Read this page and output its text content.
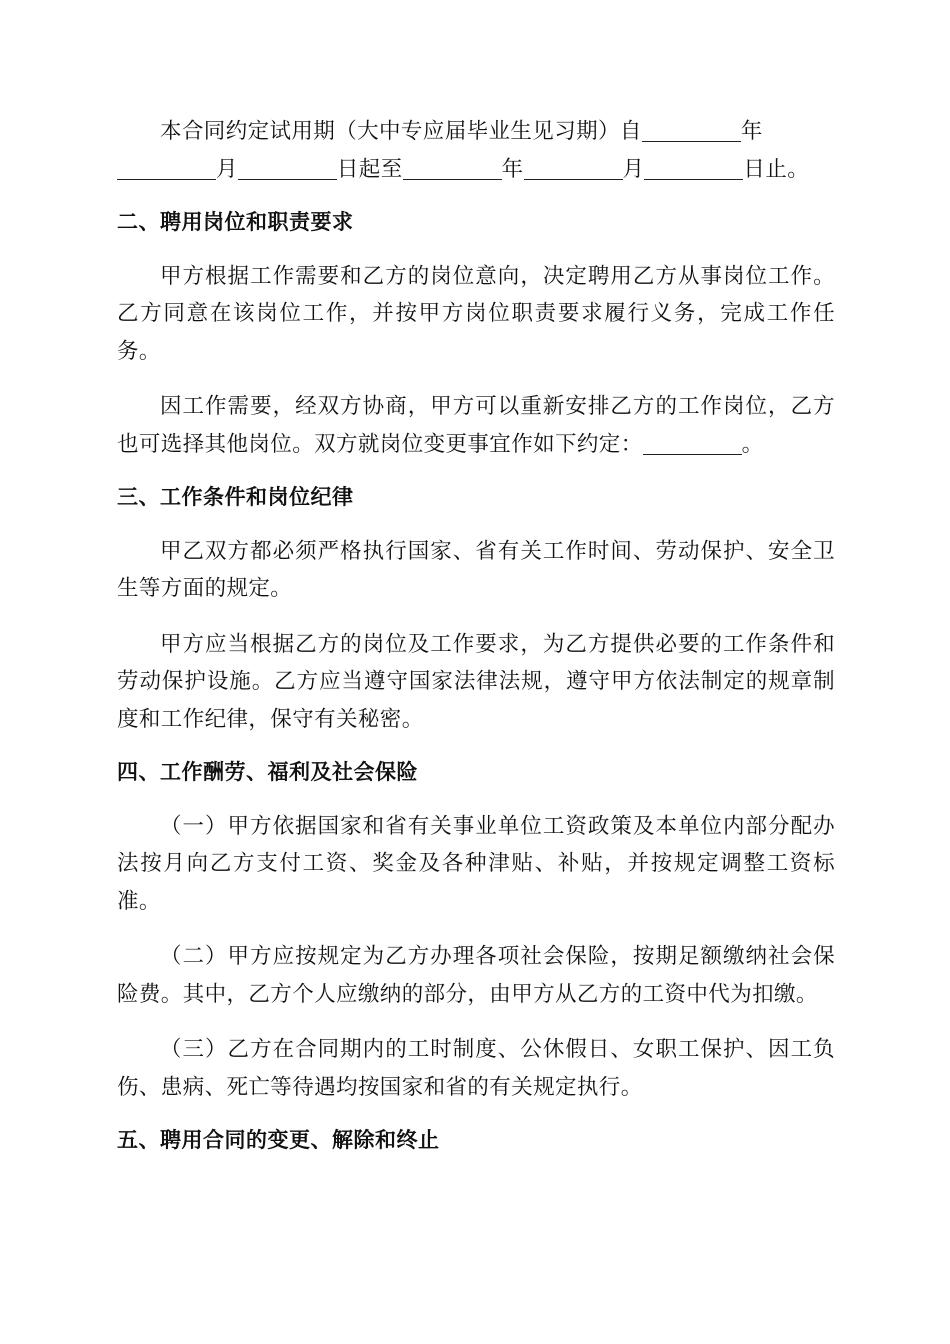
本合同约定试用期（大中专应届毕业生见习期）自	年
月	日起至	年	月	日止。

二、聘用岗位和职责要求

甲方根据工作需要和乙方的岗位意向，决定聘用乙方从事岗位工作。乙方同意在该岗位工作，并按甲方岗位职责要求履行义务，完成工作任务。

因工作需要，经双方协商，甲方可以重新安排乙方的工作岗位，乙方也可选择其他岗位。双方就岗位变更事宜作如下约定：	。

三、工作条件和岗位纪律

甲乙双方都必须严格执行国家、省有关工作时间、劳动保护、安全卫生等方面的规定。

甲方应当根据乙方的岗位及工作要求，为乙方提供必要的工作条件和劳动保护设施。乙方应当遵守国家法律法规，遵守甲方依法制定的规章制度和工作纪律，保守有关秘密。

四、工作酬劳、福利及社会保险

（一）甲方依据国家和省有关事业单位工资政策及本单位内部分配办法按月向乙方支付工资、奖金及各种津贴、补贴，并按规定调整工资标准。

（二）甲方应按规定为乙方办理各项社会保险，按期足额缴纳社会保险费。其中，乙方个人应缴纳的部分，由甲方从乙方的工资中代为扣缴。

（三）乙方在合同期内的工时制度、公休假日、女职工保护、因工负伤、患病、死亡等待遇均按国家和省的有关规定执行。

五、聘用合同的变更、解除和终止
